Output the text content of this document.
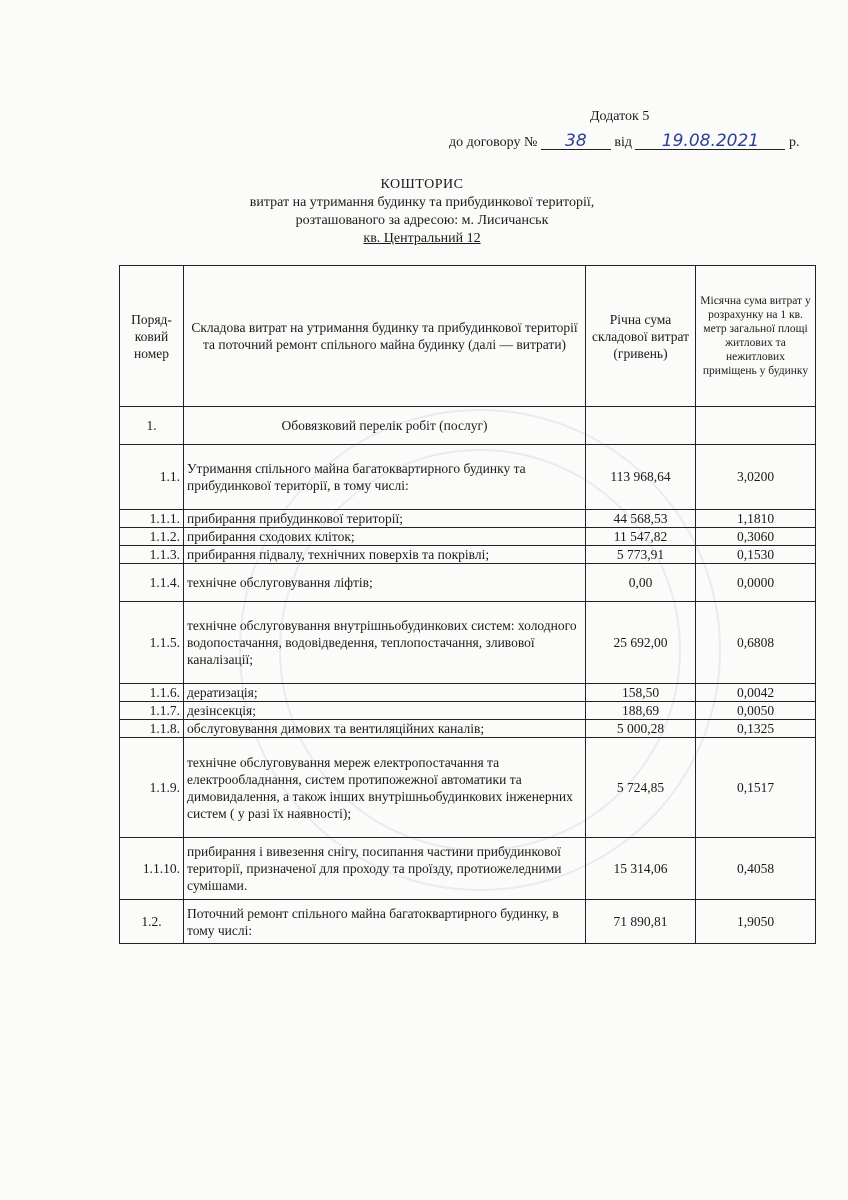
Додаток 5
до договору № 38 від 19.08.2021 р.
КОШТОРИС
витрат на утримання будинку та прибудинкової території,
розташованого за адресою: м. Лисичанськ
кв. Центральний 12
Поряд-ковий номер	Складова витрат на утримання будинку та прибудинкової території та поточний ремонт спільного майна будинку (далі — витрати)	Річна сума складової витрат (гривень)	Місячна сума витрат у розрахунку на 1 кв. метр загальної площі житлових та нежитлових приміщень у будинку
1.	Обовязковий перелік робіт (послуг)		
1.1.	Утримання спільного майна багатоквартирного будинку та прибудинкової території, в тому числі:	113 968,64	3,0200
1.1.1.	прибирання прибудинкової території;	44 568,53	1,1810
1.1.2.	прибирання сходових кліток;	11 547,82	0,3060
1.1.3.	прибирання підвалу, технічних поверхів та покрівлі;	5 773,91	0,1530
1.1.4.	технічне обслуговування ліфтів;	0,00	0,0000
1.1.5.	технічне обслуговування внутрішньобудинкових систем: холодного водопостачання, водовідведення, теплопостачання, зливової каналізації;	25 692,00	0,6808
1.1.6.	дератизація;	158,50	0,0042
1.1.7.	дезінсекція;	188,69	0,0050
1.1.8.	обслуговування димових та вентиляційних каналів;	5 000,28	0,1325
1.1.9.	технічне обслуговування мереж електропостачання та електрообладнання, систем протипожежної автоматики та димовидалення, а також інших внутрішньобудинкових інженерних систем ( у разі їх наявності);	5 724,85	0,1517
1.1.10.	прибирання і вивезення снігу, посипання частини прибудинкової території, призначеної для проходу та проїзду, протиожеледними сумішами.	15 314,06	0,4058
1.2.	Поточний ремонт спільного майна багатоквартирного будинку, в тому числі:	71 890,81	1,9050
